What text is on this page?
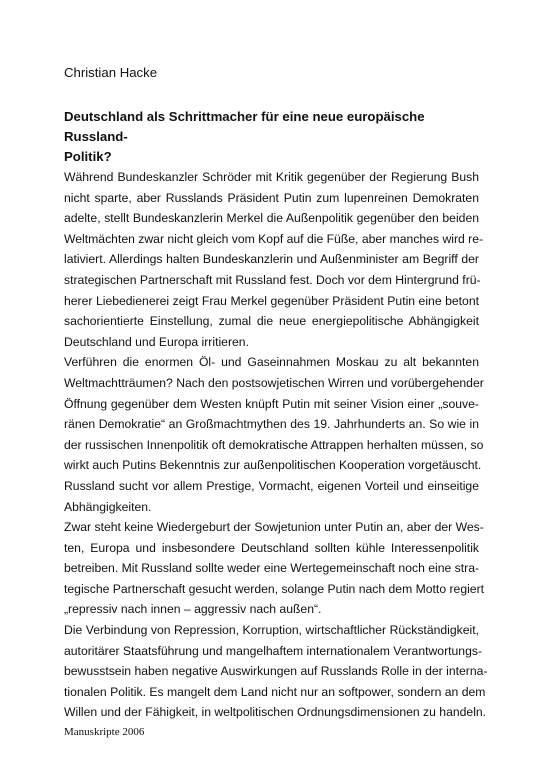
Christian Hacke

Deutschland als Schrittmacher für eine neue europäische Russland-
Politik?
Während Bundeskanzler Schröder mit Kritik gegenüber der Regierung Bush
nicht sparte, aber Russlands Präsident Putin zum lupenreinen Demokraten
adelte, stellt Bundeskanzlerin Merkel die Außenpolitik gegenüber den beiden
Weltmächten zwar nicht gleich vom Kopf auf die Füße, aber manches wird re-
lativiert. Allerdings halten Bundeskanzlerin und Außenminister am Begriff der
strategischen Partnerschaft mit Russland fest. Doch vor dem Hintergrund frü-
herer Liebedienerei zeigt Frau Merkel gegenüber Präsident Putin eine betont
sachorientierte Einstellung, zumal die neue energiepolitische Abhängigkeit
Deutschland und Europa irritieren.
Verführen die enormen Öl- und Gaseinnahmen Moskau zu alt bekannten
Weltmachtträumen? Nach den postsowjetischen Wirren und vorübergehender
Öffnung gegenüber dem Westen knüpft Putin mit seiner Vision einer „souve-
ränen Demokratie“ an Großmachtmythen des 19. Jahrhunderts an. So wie in
der russischen Innenpolitik oft demokratische Attrappen herhalten müssen, so
wirkt auch Putins Bekenntnis zur außenpolitischen Kooperation vorgetäuscht.
Russland sucht vor allem Prestige, Vormacht, eigenen Vorteil und einseitige
Abhängigkeiten.
Zwar steht keine Wiedergeburt der Sowjetunion unter Putin an, aber der Wes-
ten, Europa und insbesondere Deutschland sollten kühle Interessenpolitik
betreiben. Mit Russland sollte weder eine Wertegemeinschaft noch eine stra-
tegische Partnerschaft gesucht werden, solange Putin nach dem Motto regiert
„repressiv nach innen – aggressiv nach außen“.
Die Verbindung von Repression, Korruption, wirtschaftlicher Rückständigkeit,
autoritärer Staatsführung und mangelhaftem internationalem Verantwortungs-
bewusstsein haben negative Auswirkungen auf Russlands Rolle in der interna-
tionalen Politik. Es mangelt dem Land nicht nur an softpower, sondern an dem
Willen und der Fähigkeit, in weltpolitischen Ordnungsdimensionen zu handeln.

Manuskripte 2006
